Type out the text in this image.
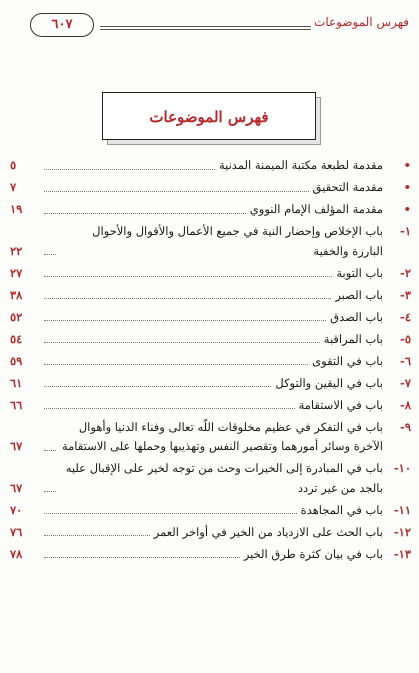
فهرس الموضوعات
٦٠٧
فهرس الموضوعات
•
مقدمة لطبعة مكتبة الميمنة المدنية
٥
•
مقدمة التحقيق
٧
•
مقدمة المؤلف الإمام النووي
١٩
١-
باب الإخلاص وإحضار النية في جميع الأعمال والأقوال والأحوال البارزة والخفية
٢٢
٢-
باب التوبة
٢٧
٣-
باب الصبر
٣٨
٤-
باب الصدق
٥٢
٥-
باب المراقبة
٥٤
٦-
باب في التقوى
٥٩
٧-
باب في اليقين والتوكل
٦١
٨-
باب في الاستقامة
٦٦
٩-
باب في التفكر في عظيم مخلوقات اللّه تعالى وفناء الدنيا وأهوال الآخرة وسائر أمورهما وتقصير النفس وتهذيبها وحملها على الاستقامة
٦٧
١٠-
باب في المبادرة إلى الخيرات وحث من توجه لخير على الإقبال عليه بالجد من غير تردد
٦٧
١١-
باب في المجاهدة
٧٠
١٢-
باب الحث على الازدياد من الخير في أواخر العمر
٧٦
١٣-
باب في بيان كثرة طرق الخير
٧٨
